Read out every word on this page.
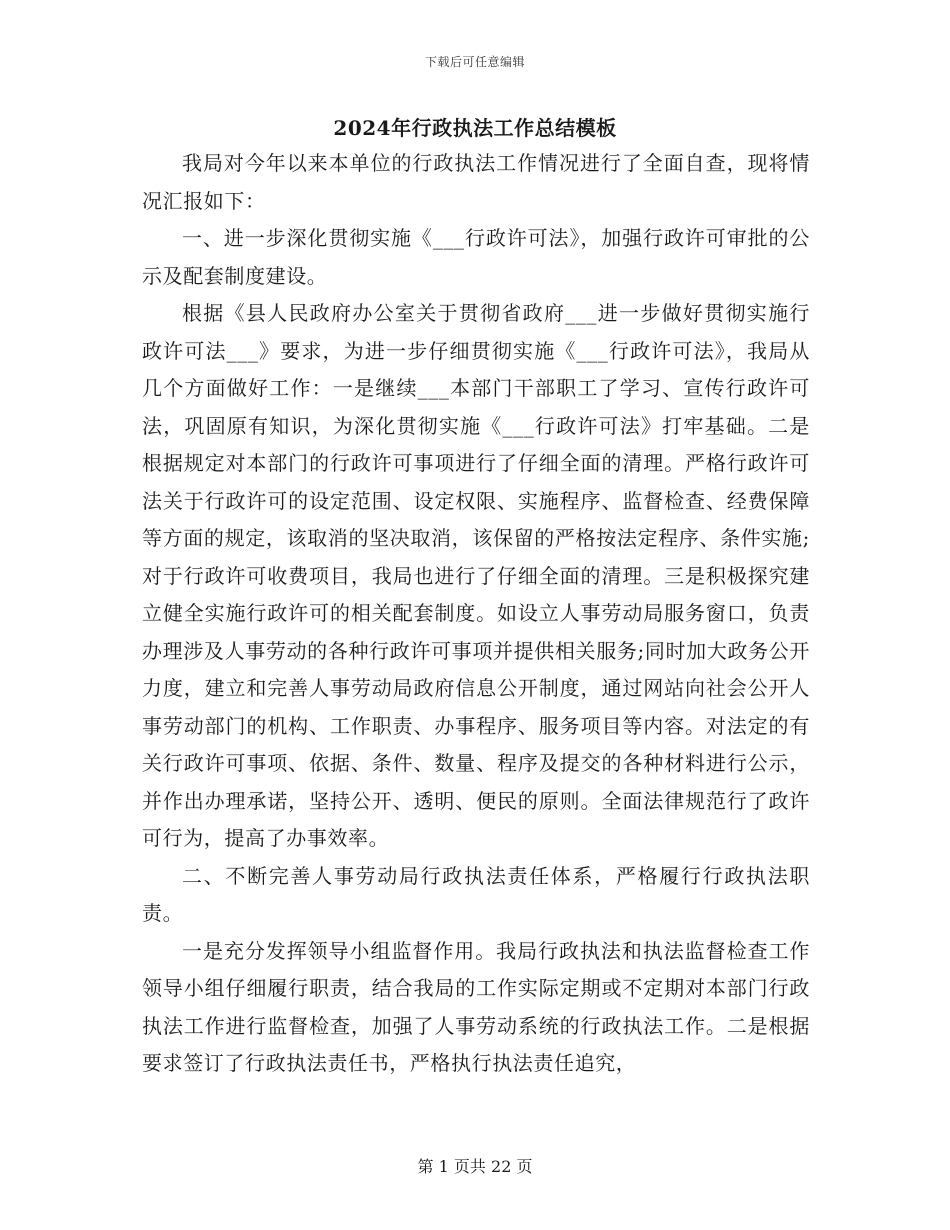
下载后可任意编辑
2024年行政执法工作总结模板

我局对今年以来本单位的行政执法工作情况进行了全面自查，现将情况汇报如下：

一、进一步深化贯彻实施《___行政许可法》，加强行政许可审批的公示及配套制度建设。

根据《县人民政府办公室关于贯彻省政府___进一步做好贯彻实施行政许可法___》要求，为进一步仔细贯彻实施《___行政许可法》，我局从几个方面做好工作：一是继续___本部门干部职工了学习、宣传行政许可法，巩固原有知识，为深化贯彻实施《___行政许可法》打牢基础。二是根据规定对本部门的行政许可事项进行了仔细全面的清理。严格行政许可法关于行政许可的设定范围、设定权限、实施程序、监督检查、经费保障等方面的规定，该取消的坚决取消，该保留的严格按法定程序、条件实施;对于行政许可收费项目，我局也进行了仔细全面的清理。三是积极探究建立健全实施行政许可的相关配套制度。如设立人事劳动局服务窗口，负责办理涉及人事劳动的各种行政许可事项并提供相关服务;同时加大政务公开力度，建立和完善人事劳动局政府信息公开制度，通过网站向社会公开人事劳动部门的机构、工作职责、办事程序、服务项目等内容。对法定的有关行政许可事项、依据、条件、数量、程序及提交的各种材料进行公示，并作出办理承诺，坚持公开、透明、便民的原则。全面法律规范行了政许可行为，提高了办事效率。

二、不断完善人事劳动局行政执法责任体系，严格履行行政执法职责。

一是充分发挥领导小组监督作用。我局行政执法和执法监督检查工作领导小组仔细履行职责，结合我局的工作实际定期或不定期对本部门行政执法工作进行监督检查，加强了人事劳动系统的行政执法工作。二是根据要求签订了行政执法责任书，严格执行执法责任追究，

第 1 页共 22 页
